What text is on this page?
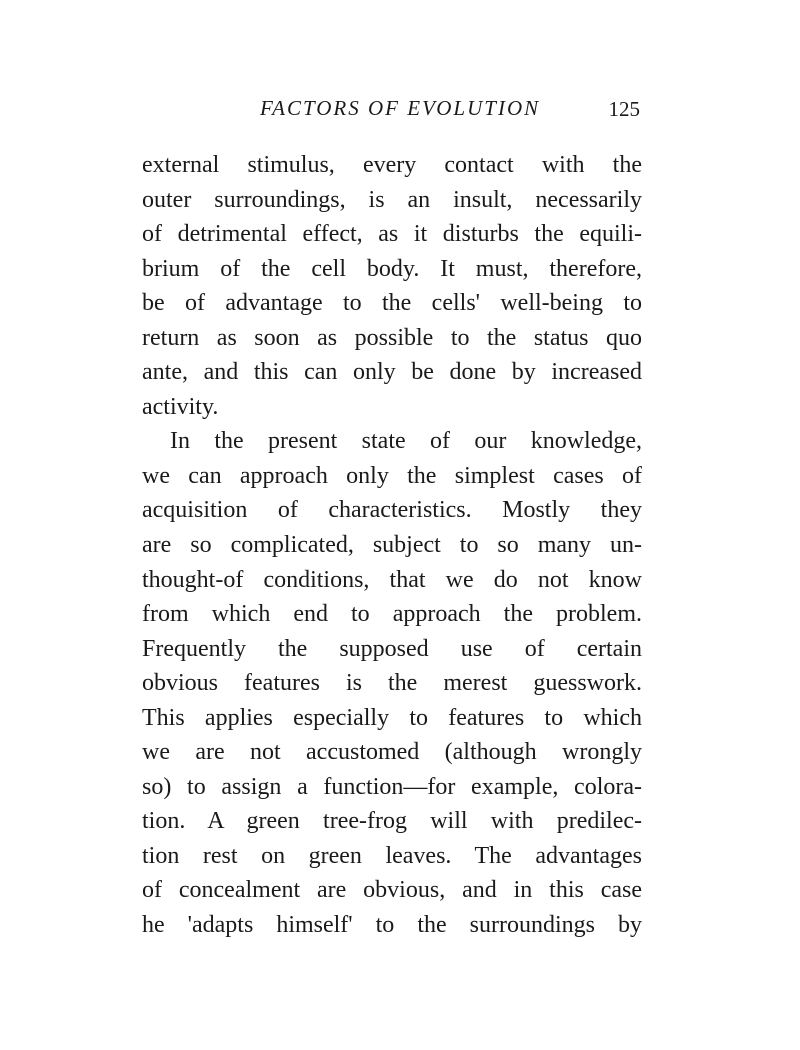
FACTORS OF EVOLUTION	125
external stimulus, every contact with the
outer surroundings, is an insult, necessarily
of detrimental effect, as it disturbs the equili-
brium of the cell body. It must, therefore,
be of advantage to the cells' well-being to
return as soon as possible to the status quo
ante, and this can only be done by increased
activity.
In the present state of our knowledge,
we can approach only the simplest cases of
acquisition of characteristics. Mostly they
are so complicated, subject to so many un-
thought-of conditions, that we do not know
from which end to approach the problem.
Frequently the supposed use of certain
obvious features is the merest guesswork.
This applies especially to features to which
we are not accustomed (although wrongly
so) to assign a function—for example, colora-
tion. A green tree-frog will with predilec-
tion rest on green leaves. The advantages
of concealment are obvious, and in this case
he 'adapts himself' to the surroundings by
